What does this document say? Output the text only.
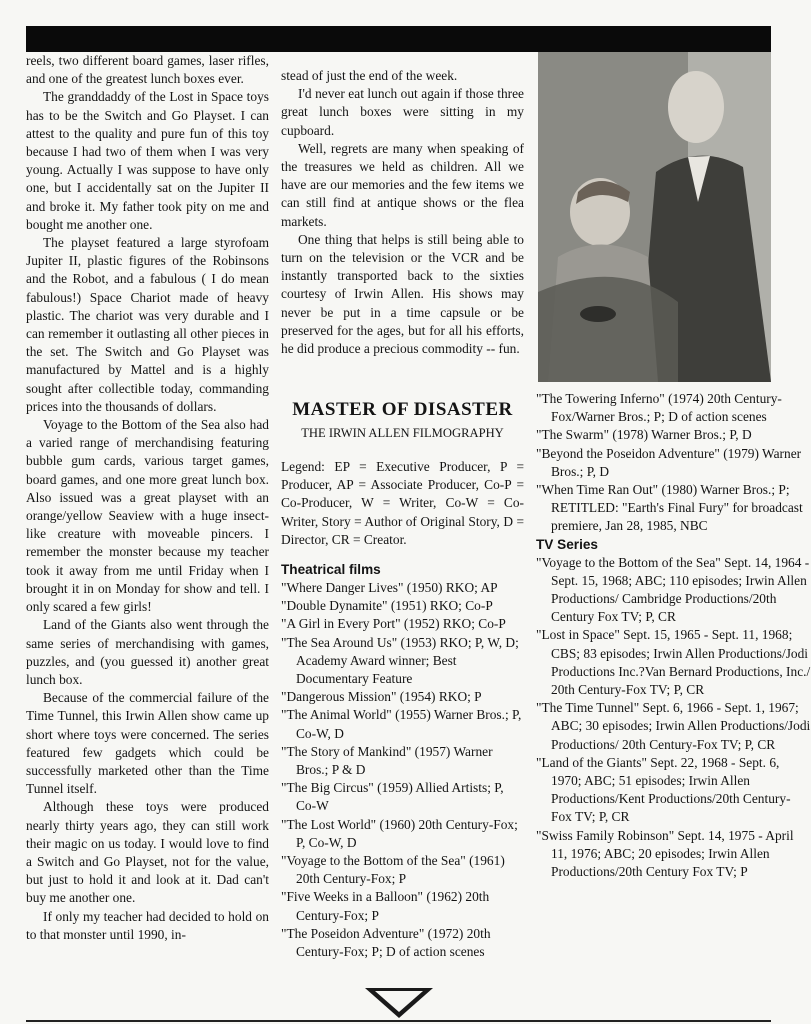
reels, two different board games, laser rifles, and one of the greatest lunch boxes ever.

The granddaddy of the Lost in Space toys has to be the Switch and Go Playset. I can attest to the quality and pure fun of this toy because I had two of them when I was very young. Actually I was suppose to have only one, but I accidentally sat on the Jupiter II and broke it. My father took pity on me and bought me another one.

The playset featured a large styrofoam Jupiter II, plastic figures of the Robinsons and the Robot, and a fabulous ( I do mean fabulous!) Space Chariot made of heavy plastic. The chariot was very durable and I can remember it outlasting all other pieces in the set. The Switch and Go Playset was manufactured by Mattel and is a highly sought after collectible today, commanding prices into the thousands of dollars.

Voyage to the Bottom of the Sea also had a varied range of merchandising featuring bubble gum cards, various target games, board games, and one more great lunch box. Also issued was a great playset with an orange/yellow Seaview with a huge insect-like creature with moveable pincers. I remember the monster because my teacher took it away from me until Friday when I brought it in on Monday for show and tell. I only scared a few girls!

Land of the Giants also went through the same series of merchandising with games, puzzles, and (you guessed it) another great lunch box.

Because of the commercial failure of the Time Tunnel, this Irwin Allen show came up short where toys were concerned. The series featured few gadgets which could be successfully marketed other than the Time Tunnel itself.

Although these toys were produced nearly thirty years ago, they can still work their magic on us today. I would love to find a Switch and Go Playset, not for the value, but just to hold it and look at it. Dad can't buy me another one.

If only my teacher had decided to hold on to that monster until 1990, in-

stead of just the end of the week.

I'd never eat lunch out again if those three great lunch boxes were sitting in my cupboard.

Well, regrets are many when speaking of the treasures we held as children. All we have are our memories and the few items we can still find at antique shows or the flea markets.

One thing that helps is still being able to turn on the television or the VCR and be instantly transported back to the sixties courtesy of Irwin Allen. His shows may never be put in a time capsule or be preserved for the ages, but for all his efforts, he did produce a precious commodity -- fun.

MASTER OF DISASTER
THE IRWIN ALLEN FILMOGRAPHY
Legend: EP = Executive Producer, P = Producer, AP = Associate Producer, Co-P = Co-Producer, W = Writer, Co-W = Co-Writer, Story = Author of Original Story, D = Director, CR = Creator.
Theatrical films
"Where Danger Lives" (1950) RKO; AP
"Double Dynamite" (1951) RKO; Co-P
"A Girl in Every Port" (1952) RKO; Co-P
"The Sea Around Us" (1953) RKO; P, W, D; Academy Award winner; Best Documentary Feature
"Dangerous Mission" (1954) RKO; P
"The Animal World" (1955) Warner Bros.; P, Co-W, D
"The Story of Mankind" (1957) Warner Bros.; P & D
"The Big Circus" (1959) Allied Artists; P, Co-W
"The Lost World" (1960) 20th Century-Fox; P, Co-W, D
"Voyage to the Bottom of the Sea" (1961) 20th Century-Fox; P
"Five Weeks in a Balloon" (1962) 20th Century-Fox; P
"The Poseidon Adventure" (1972) 20th Century-Fox; P; D of action scenes
"The Towering Inferno" (1974) 20th Century-Fox/Warner Bros.; P; D of action scenes
"The Swarm" (1978) Warner Bros.; P, D
"Beyond the Poseidon Adventure" (1979) Warner Bros.; P, D
"When Time Ran Out" (1980) Warner Bros.; P; RETITLED: "Earth's Final Fury" for broadcast premiere, Jan 28, 1985, NBC
TV Series
"Voyage to the Bottom of the Sea" Sept. 14, 1964 - Sept. 15, 1968; ABC; 110 episodes; Irwin Allen Productions/ Cambridge Productions/20th Century Fox TV; P, CR
"Lost in Space" Sept. 15, 1965 - Sept. 11, 1968; CBS; 83 episodes; Irwin Allen Productions/Jodi Productions Inc.?Van Bernard Productions, Inc./ 20th Century-Fox TV; P, CR
"The Time Tunnel" Sept. 6, 1966 - Sept. 1, 1967; ABC; 30 episodes; Irwin Allen Productions/Jodi Productions/ 20th Century-Fox TV; P, CR
"Land of the Giants" Sept. 22, 1968 - Sept. 6, 1970; ABC; 51 episodes; Irwin Allen Productions/Kent Productions/20th Century-Fox TV; P, CR
"Swiss Family Robinson" Sept. 14, 1975 - April 11, 1976; ABC; 20 episodes; Irwin Allen Productions/20th Century Fox TV; P
